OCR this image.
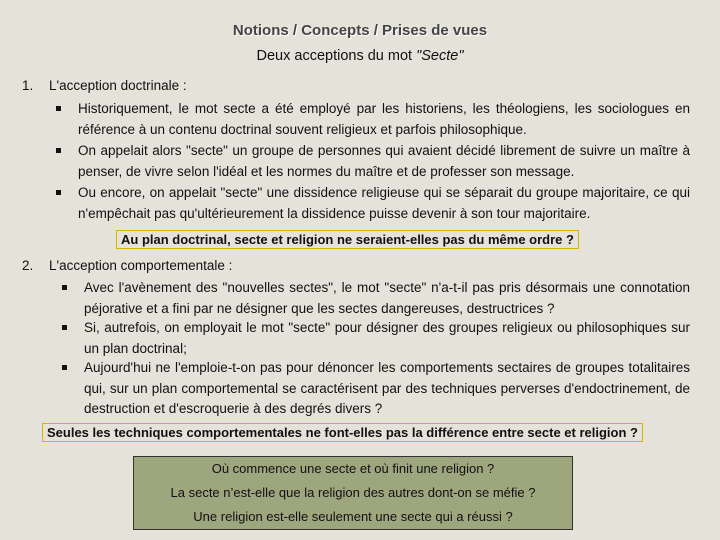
Notions / Concepts / Prises de vues
Deux acceptions du mot "Secte"
1. L'acception doctrinale :
Historiquement, le mot secte a été employé par les historiens, les théologiens, les sociologues en référence à un contenu doctrinal souvent religieux et parfois philosophique.
On appelait alors "secte" un groupe de personnes qui avaient décidé librement de suivre un maître à penser, de vivre selon l'idéal et les normes du maître et de professer son message.
Ou encore, on appelait "secte" une dissidence religieuse qui se séparait du groupe majoritaire, ce qui n'empêchait pas qu'ultérieurement la dissidence puisse devenir à son tour majoritaire.
Au plan doctrinal, secte et religion ne seraient-elles pas du même ordre ?
2. L'acception comportementale :
Avec l'avènement des "nouvelles sectes", le mot "secte" n'a-t-il pas pris désormais une connotation péjorative et a fini par ne désigner que les sectes dangereuses, destructrices ?
Si, autrefois, on employait le mot "secte" pour désigner des groupes religieux ou philosophiques sur un plan doctrinal;
Aujourd'hui ne l'emploie-t-on pas pour dénoncer les comportements sectaires de groupes totalitaires qui, sur un plan comportemental se caractérisent par des techniques perverses d'endoctrinement, de destruction et d'escroquerie à des degrés divers ?
Seules les techniques comportementales ne font-elles pas la différence entre secte et religion ?
Où commence une secte et où finit une religion ?
La secte n’est-elle que la religion des autres dont-on se méfie ?
Une religion est-elle seulement une secte qui a réussi ?
